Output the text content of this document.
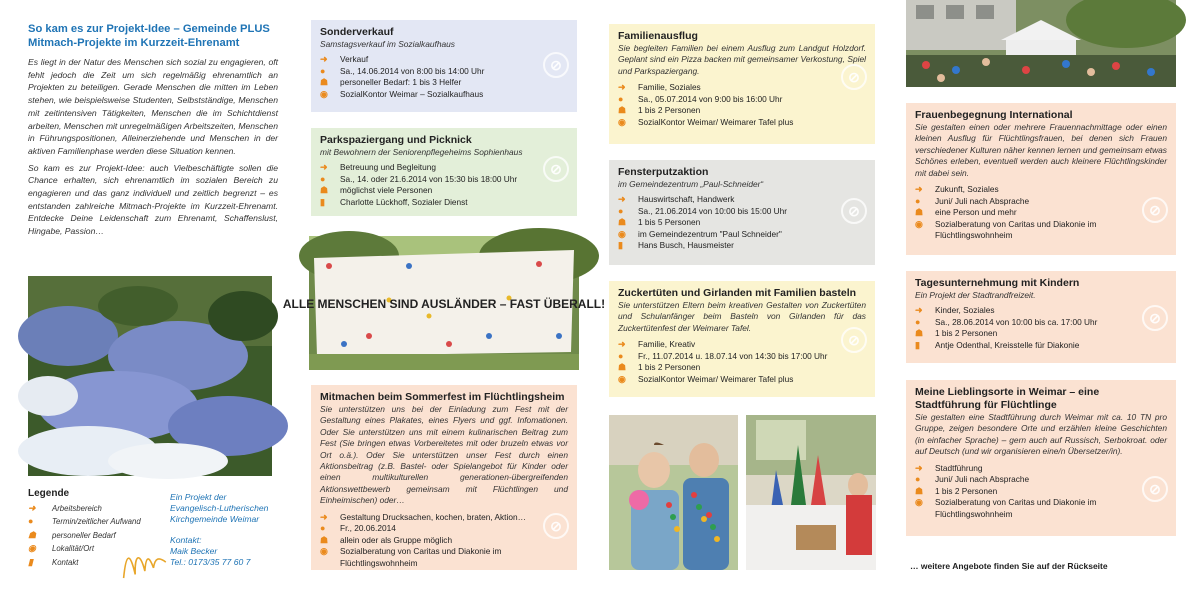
So kam es zur Projekt-Idee – Gemeinde PLUS Mitmach-Projekte im Kurzzeit-Ehrenamt

Es liegt in der Natur des Menschen sich sozial zu engagieren, oft fehlt jedoch die Zeit um sich regelmäßig ehrenamtlich an Projekten zu beteiligen. Gerade Menschen die mitten im Leben stehen, wie beispielsweise Studenten, Selbstständige, Menschen mit zeitintensiven Tätigkeiten, Menschen die im Schichtdienst arbeiten, Menschen mit unregelmäßigen Arbeitszeiten, Menschen in Führungspositionen, Alleinerziehende und Menschen in der aktiven Familienphase werden diese Situation kennen.

So kam es zur Projekt-Idee: auch Vielbeschäftigte sollen die Chance erhalten, sich ehrenamtlich im sozialen Bereich zu engagieren und das ganz individuell und zeitlich begrenzt – es entstanden zahlreiche Mitmach-Projekte im Kurzzeit-Ehrenamt. Entdecke Deine Leidenschaft zum Ehrenamt, Schaffenslust, Hingabe, Passion…

Legende
➜	Arbeitsbereich
●	Termin/zeitlicher Aufwand
☗	personeller Bedarf
◉	Lokalität/Ort
▮	Kontakt
Ein Projekt der
Evangelisch-Lutherischen
Kirchgemeinde Weimar
Kontakt:
Maik Becker
Tel.: 0173/35 77 60 7
Sonderverkauf
Samstagsverkauf im Sozialkaufhaus
➜	Verkauf
●	Sa., 14.06.2014 von 8:00 bis 14:00 Uhr
☗	personeller Bedarf: 1 bis 3 Helfer
◉	SozialKontor Weimar – Sozialkaufhaus
⊘
Parkspaziergang und Picknick
mit Bewohnern der Seniorenpflegeheims Sophienhaus
➜	Betreuung und Begleitung
●	Sa., 14. oder 21.6.2014 von 15:30 bis 18:00 Uhr
☗	möglichst viele Personen
▮	Charlotte Lückhoff, Sozialer Dienst
⊘
ALLE MENSCHEN SIND AUSLÄNDER – FAST ÜBERALL!
Mitmachen beim Sommerfest im Flüchtlingsheim
Sie unterstützen uns bei der Einladung zum Fest mit der Gestaltung eines Plakates, eines Flyers und ggf. Infomationen. Oder Sie unterstützen uns mit einem kulinarischen Beitrag zum Fest (Sie bringen etwas Vorbereitetes mit oder bruzeln etwas vor Ort o.ä.). Oder Sie unterstützen unser Fest durch einen Aktionsbeitrag (z.B. Bastel- oder Spielangebot für Kinder oder einen multikulturellen generationen-übergreifenden Aktionswettbewerb gemeinsam mit Flüchtlingen und Einheimischen) oder…
➜	Gestaltung Drucksachen, kochen, braten, Aktion…
●	Fr., 20.06.2014
☗	allein oder als Gruppe möglich
◉	Sozialberatung von Caritas und Diakonie im Flüchtlingswohnheim
⊘
Familienausflug
Sie begleiten Familien bei einem Ausflug zum Landgut Holzdorf. Geplant sind ein Pizza backen mit gemeinsamer Verkostung, Spiel und Parkspaziergang.
➜	Familie, Soziales
●	Sa., 05.07.2014 von 9:00 bis 16:00 Uhr
☗	1 bis 2 Personen
◉	SozialKontor Weimar/ Weimarer Tafel plus
⊘
Fensterputzaktion
im Gemeindezentrum „Paul-Schneider“
➜	Hauswirtschaft, Handwerk
●	Sa., 21.06.2014 von 10:00 bis 15:00 Uhr
☗	1 bis 5 Personen
◉	im Gemeindezentrum "Paul Schneider"
▮	Hans Busch, Hausmeister
⊘
Zuckertüten und Girlanden mit Familien basteln
Sie unterstützen Eltern beim kreativen Gestalten von Zuckertüten und Schulanfänger beim Basteln von Girlanden für das Zuckertütenfest der Weimarer Tafel.
➜	Familie, Kreativ
●	Fr., 11.07.2014 u. 18.07.14 von 14:30 bis 17:00 Uhr
☗	1 bis 2 Personen
◉	SozialKontor Weimar/ Weimarer Tafel plus
⊘
Frauenbegegnung International
Sie gestalten einen oder mehrere Frauennachmittage oder einen kleinen Ausflug für Flüchtlingsfrauen, bei denen sich Frauen verschiedener Kulturen näher kennen lernen und gemeinsam etwas Schönes erleben, eventuell werden auch kleinere Flüchtlingskinder mit dabei sein.
➜	Zukunft, Soziales
●	Juni/ Juli nach Absprache
☗	eine Person und mehr
◉	Sozialberatung von Caritas und Diakonie im Flüchtlingswohnheim
⊘
Tagesunternehmung mit Kindern
Ein Projekt der Stadtrandfreizeit.
➜	Kinder, Soziales
●	Sa., 28.06.2014 von 10:00 bis ca. 17:00 Uhr
☗	1 bis 2 Personen
▮	Antje Odenthal, Kreisstelle für Diakonie
⊘
Meine Lieblingsorte in Weimar – eine Stadtführung für Flüchtlinge
Sie gestalten eine Stadtführung durch Weimar mit ca. 10 TN pro Gruppe, zeigen besondere Orte und erzählen kleine Geschichten (in einfacher Sprache) – gern auch auf Russisch, Serbokroat. oder auf Deutsch (und wir organisieren eine/n Übersetzer/in).
➜	Stadtführung
●	Juni/ Juli nach Absprache
☗	1 bis 2 Personen
◉	Sozialberatung von Caritas und Diakonie im Flüchtlingswohnheim
⊘
… weitere Angebote finden Sie auf der Rückseite
